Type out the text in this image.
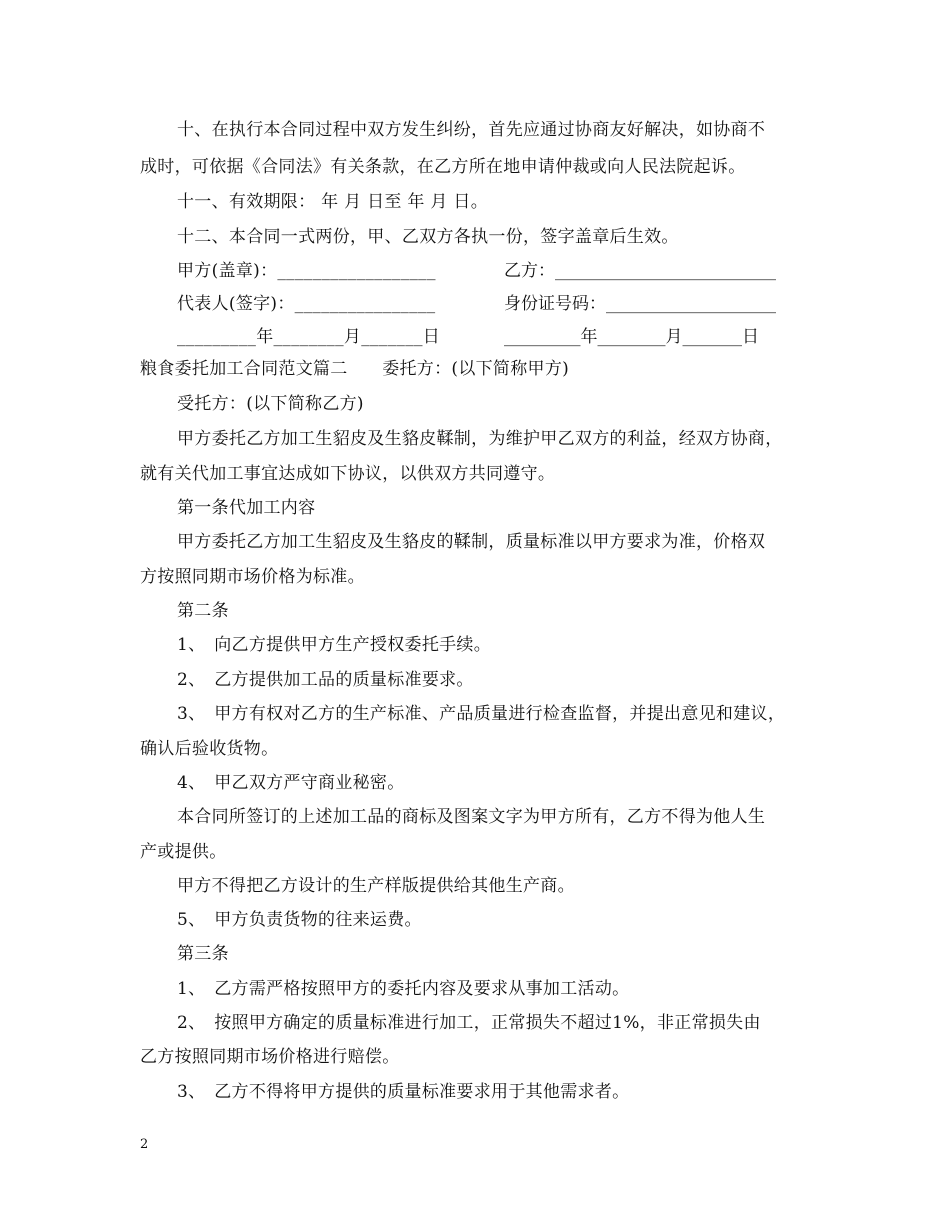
十、在执行本合同过程中双方发生纠纷，首先应通过协商友好解决，如协商不
成时，可依据《合同法》有关条款，在乙方所在地申请仲裁或向人民法院起诉。
十一、有效期限： 年 月 日至 年 月 日。
十二、本合同一式两份，甲、乙双方各执一份，签字盖章后生效。
甲方(盖章)：__________________	乙方：__________________________
代表人(签字)：________________	身份证号码：____________________
_________年________月_______日	_________年________月_______日
粮食委托加工合同范文篇二　　委托方：(以下简称甲方)
受托方：(以下简称乙方)
甲方委托乙方加工生貂皮及生貉皮鞣制，为维护甲乙双方的利益，经双方协商，
就有关代加工事宜达成如下协议，以供双方共同遵守。
第一条代加工内容
甲方委托乙方加工生貂皮及生貉皮的鞣制，质量标准以甲方要求为准，价格双
方按照同期市场价格为标准。
第二条
1、　向乙方提供甲方生产授权委托手续。
2、　乙方提供加工品的质量标准要求。
3、　甲方有权对乙方的生产标准、产品质量进行检查监督，并提出意见和建议，
确认后验收货物。
4、　甲乙双方严守商业秘密。
本合同所签订的上述加工品的商标及图案文字为甲方所有，乙方不得为他人生
产或提供。
甲方不得把乙方设计的生产样版提供给其他生产商。
5、　甲方负责货物的往来运费。
第三条
1、　乙方需严格按照甲方的委托内容及要求从事加工活动。
2、　按照甲方确定的质量标准进行加工，正常损失不超过1%，非正常损失由
乙方按照同期市场价格进行赔偿。
3、　乙方不得将甲方提供的质量标准要求用于其他需求者。
2
